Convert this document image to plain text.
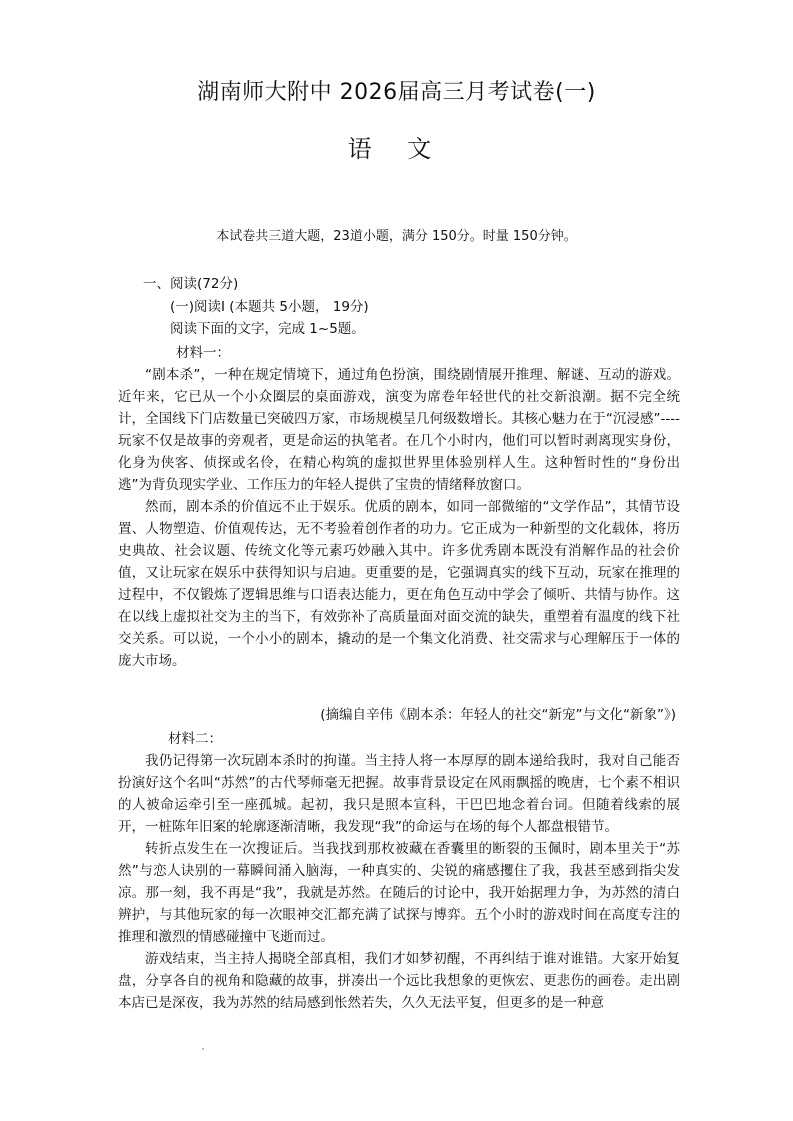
湖南师大附中 2026届高三月考试卷(一)
语 文
本试卷共三道大题，23道小题，满分 150分。时量 150分钟。
一、阅读(72分)
(一)阅读Ⅰ (本题共 5小题， 19分)
阅读下面的文字，完成 1~5题。
材料一：

“剧本杀”，一种在规定情境下，通过角色扮演，围绕剧情展开推理、解谜、互动的游戏。近年来，它已从一个小众圈层的桌面游戏，演变为席卷年轻世代的社交新浪潮。据不完全统计，全国线下门店数量已突破四万家，市场规模呈几何级数增长。其核心魅力在于“沉浸感”----玩家不仅是故事的旁观者，更是命运的执笔者。在几个小时内，他们可以暂时剥离现实身份，化身为侠客、侦探或名伶，在精心构筑的虚拟世界里体验别样人生。这种暂时性的“身份出逃”为背负现实学业、工作压力的年轻人提供了宝贵的情绪释放窗口。

然而，剧本杀的价值远不止于娱乐。优质的剧本，如同一部微缩的“文学作品”，其情节设置、人物塑造、价值观传达，无不考验着创作者的功力。它正成为一种新型的文化载体，将历史典故、社会议题、传统文化等元素巧妙融入其中。许多优秀剧本既没有消解作品的社会价值，又让玩家在娱乐中获得知识与启迪。更重要的是，它强调真实的线下互动，玩家在推理的过程中，不仅锻炼了逻辑思维与口语表达能力，更在角色互动中学会了倾听、共情与协作。这在以线上虚拟社交为主的当下，有效弥补了高质量面对面交流的缺失，重塑着有温度的线下社交关系。可以说，一个小小的剧本，撬动的是一个集文化消费、社交需求与心理解压于一体的庞大市场。

(摘编自辛伟《剧本杀：年轻人的社交“新宠”与文化“新象”》)
材料二：

我仍记得第一次玩剧本杀时的拘谨。当主持人将一本厚厚的剧本递给我时，我对自己能否扮演好这个名叫“苏然”的古代琴师毫无把握。故事背景设定在风雨飘摇的晚唐，七个素不相识的人被命运牵引至一座孤城。起初，我只是照本宣科，干巴巴地念着台词。但随着线索的展开，一桩陈年旧案的轮廓逐渐清晰，我发现“我”的命运与在场的每个人都盘根错节。

转折点发生在一次搜证后。当我找到那枚被藏在香囊里的断裂的玉佩时，剧本里关于“苏然”与恋人诀别的一幕瞬间涌入脑海，一种真实的、尖锐的痛感攫住了我，我甚至感到指尖发凉。那一刻，我不再是“我”，我就是苏然。在随后的讨论中，我开始据理力争，为苏然的清白辨护，与其他玩家的每一次眼神交汇都充满了试探与博弈。五个小时的游戏时间在高度专注的推理和激烈的情感碰撞中飞逝而过。

游戏结束，当主持人揭晓全部真相，我们才如梦初醒，不再纠结于谁对谁错。大家开始复盘，分享各自的视角和隐藏的故事，拼凑出一个远比我想象的更恢宏、更悲伤的画卷。走出剧本店已是深夜，我为苏然的结局感到怅然若失，久久无法平复，但更多的是一种意
